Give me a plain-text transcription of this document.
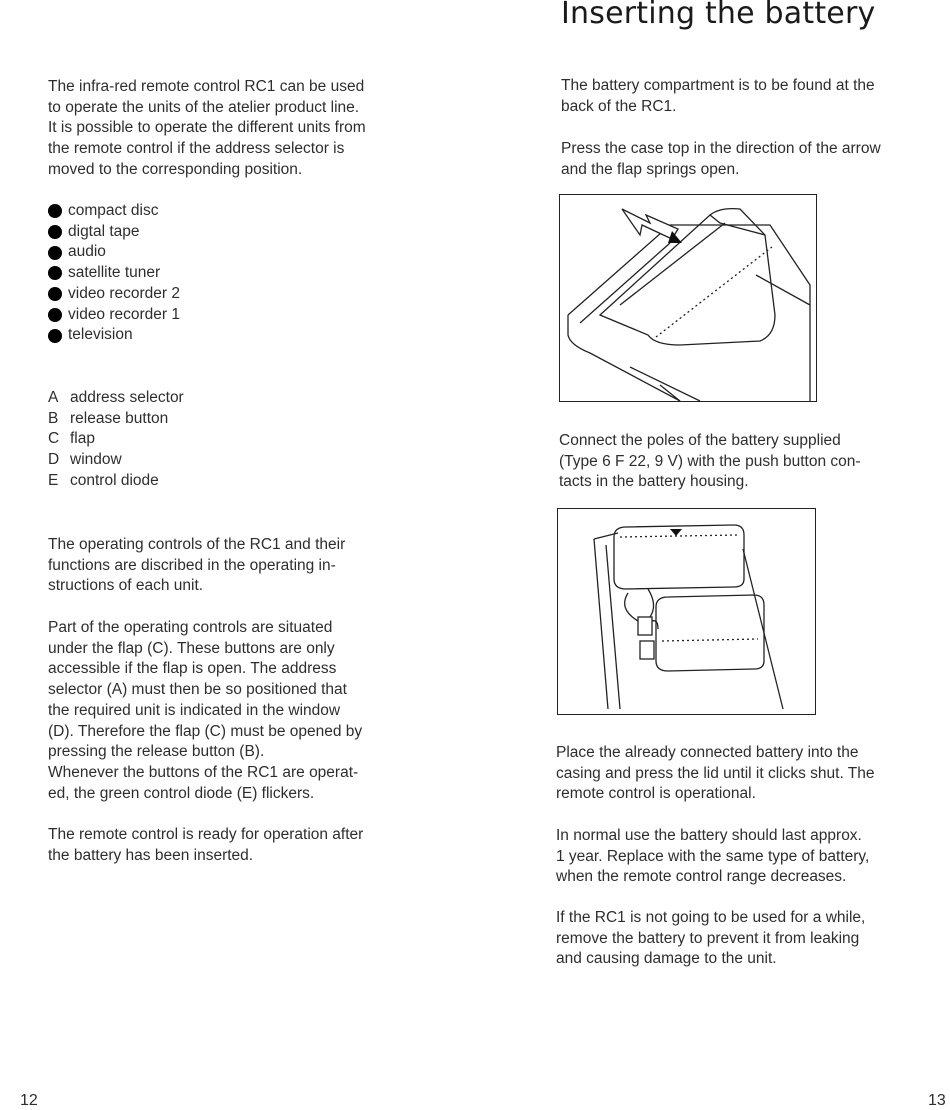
Inserting the battery
The infra-red remote control RC1 can be used
to operate the units of the atelier product line.
It is possible to operate the different units from
the remote control if the address selector is
moved to the corresponding position.
compact disc
digtal tape
audio
satellite tuner
video recorder 2
video recorder 1
television
A address selector
B release button
C flap
D window
E control diode
The operating controls of the RC1 and their
functions are discribed in the operating in-
structions of each unit.
Part of the operating controls are situated
under the flap (C). These buttons are only
accessible if the flap is open. The address
selector (A) must then be so positioned that
the required unit is indicated in the window
(D). Therefore the flap (C) must be opened by
pressing the release button (B).
Whenever the buttons of the RC1 are operat-
ed, the green control diode (E) flickers.
The remote control is ready for operation after
the battery has been inserted.
The battery compartment is to be found at the
back of the RC1.
Press the case top in the direction of the arrow
and the flap springs open.
Connect the poles of the battery supplied
(Type 6 F 22, 9 V) with the push button con-
tacts in the battery housing.
Place the already connected battery into the
casing and press the lid until it clicks shut. The
remote control is operational.
In normal use the battery should last approx.
1 year. Replace with the same type of battery,
when the remote control range decreases.
If the RC1 is not going to be used for a while,
remove the battery to prevent it from leaking
and causing damage to the unit.
12	13
